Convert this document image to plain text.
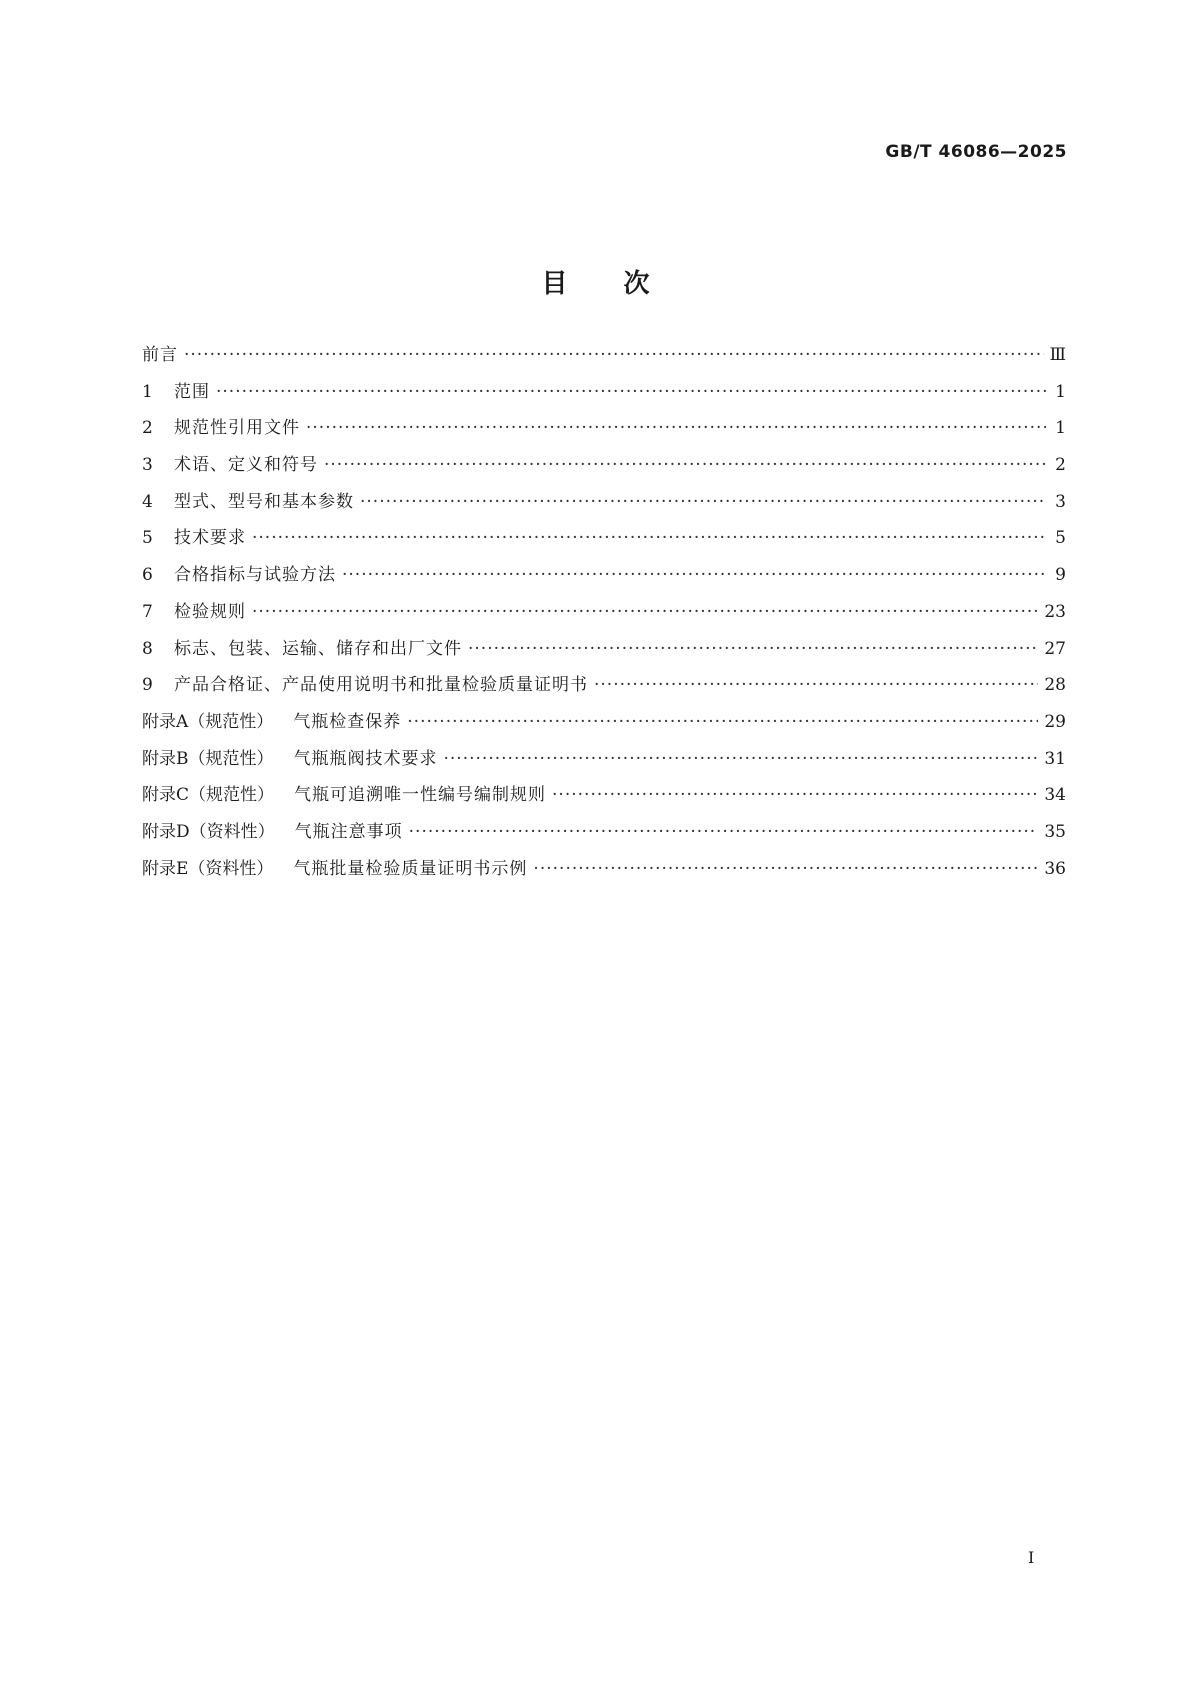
GB/T 46086—2025
目次
前言 ·····	Ⅲ
1	范围 ·····	1
2	规范性引用文件 ·····	1
3	术语、定义和符号 ·····	2
4	型式、型号和基本参数 ·····	3
5	技术要求 ·····	5
6	合格指标与试验方法 ·····	9
7	检验规则 ·····	23
8	标志、包装、运输、储存和出厂文件 ·····	27
9	产品合格证、产品使用说明书和批量检验质量证明书 ·····	28
附录A（规范性） 气瓶检查保养 ·····	29
附录B（规范性） 气瓶瓶阀技术要求 ·····	31
附录C（规范性） 气瓶可追溯唯一性编号编制规则 ·····	34
附录D（资料性） 气瓶注意事项 ·····	35
附录E（资料性） 气瓶批量检验质量证明书示例 ·····	36
Ⅰ
